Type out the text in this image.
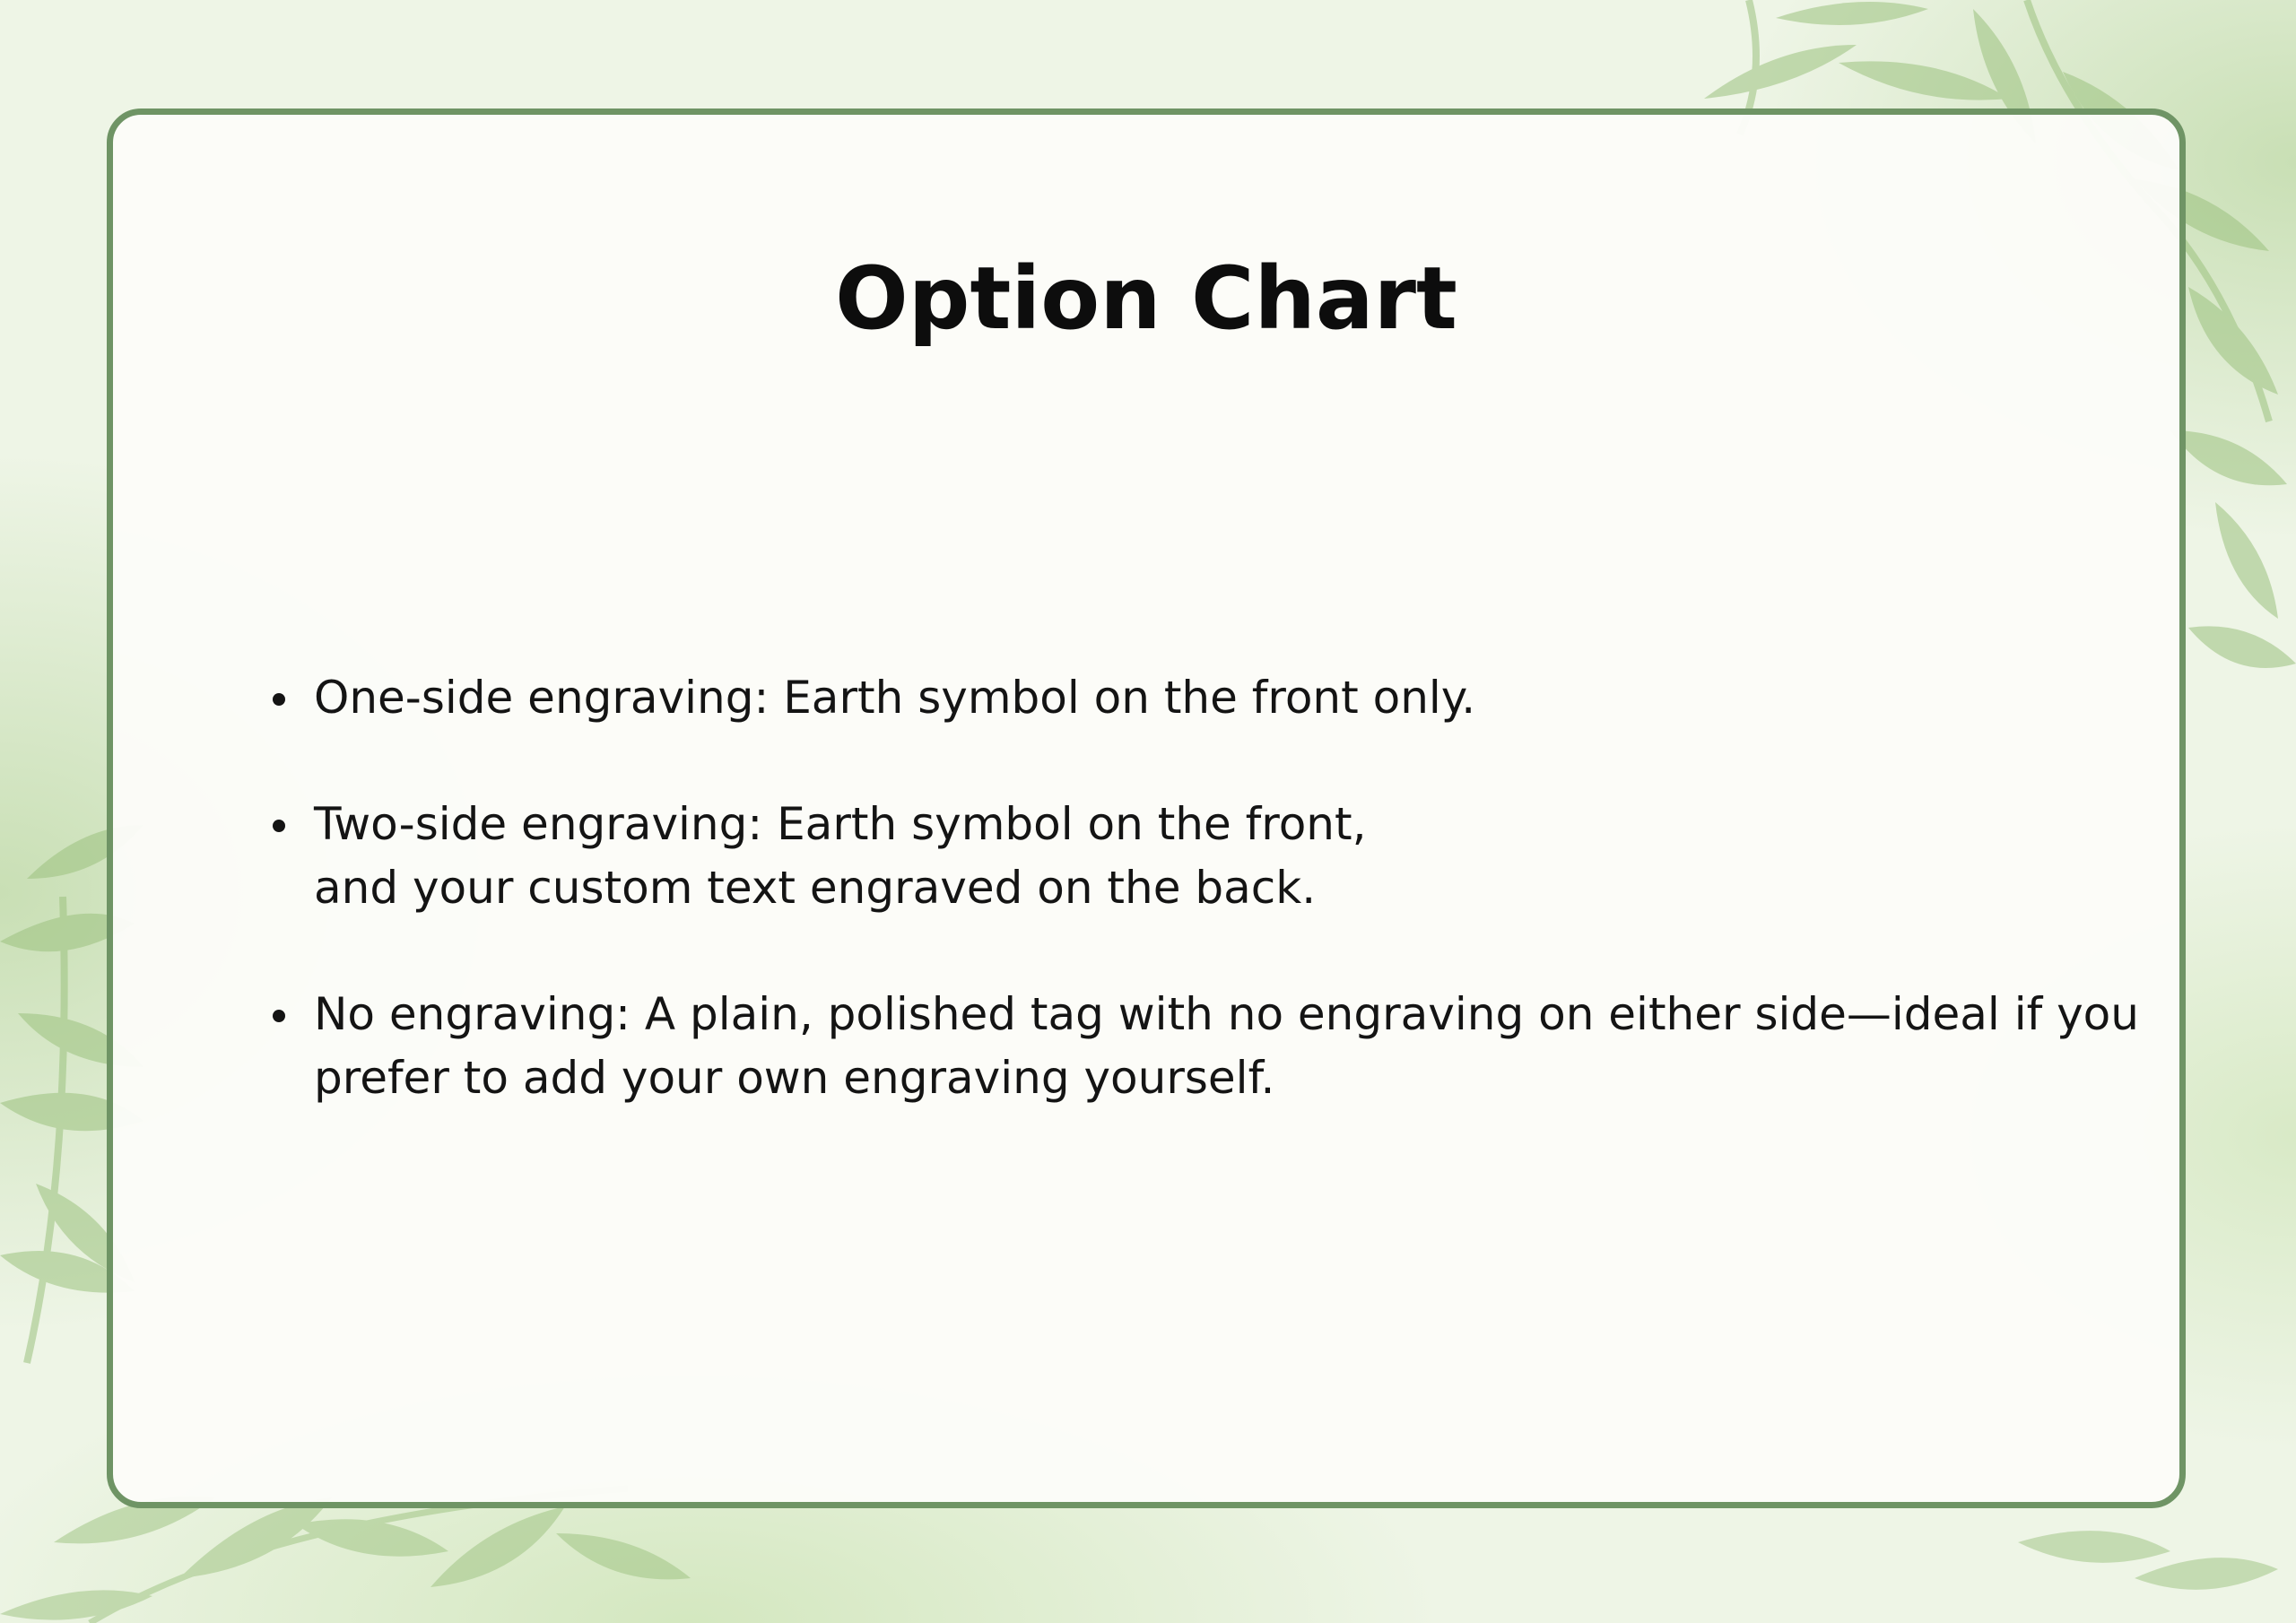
Option Chart
One-side engraving: Earth symbol on the front only.
Two-side engraving: Earth symbol on the front,
and your custom text engraved on the back.
No engraving: A plain, polished tag with no engraving on either side—ideal if you
prefer to add your own engraving yourself.
